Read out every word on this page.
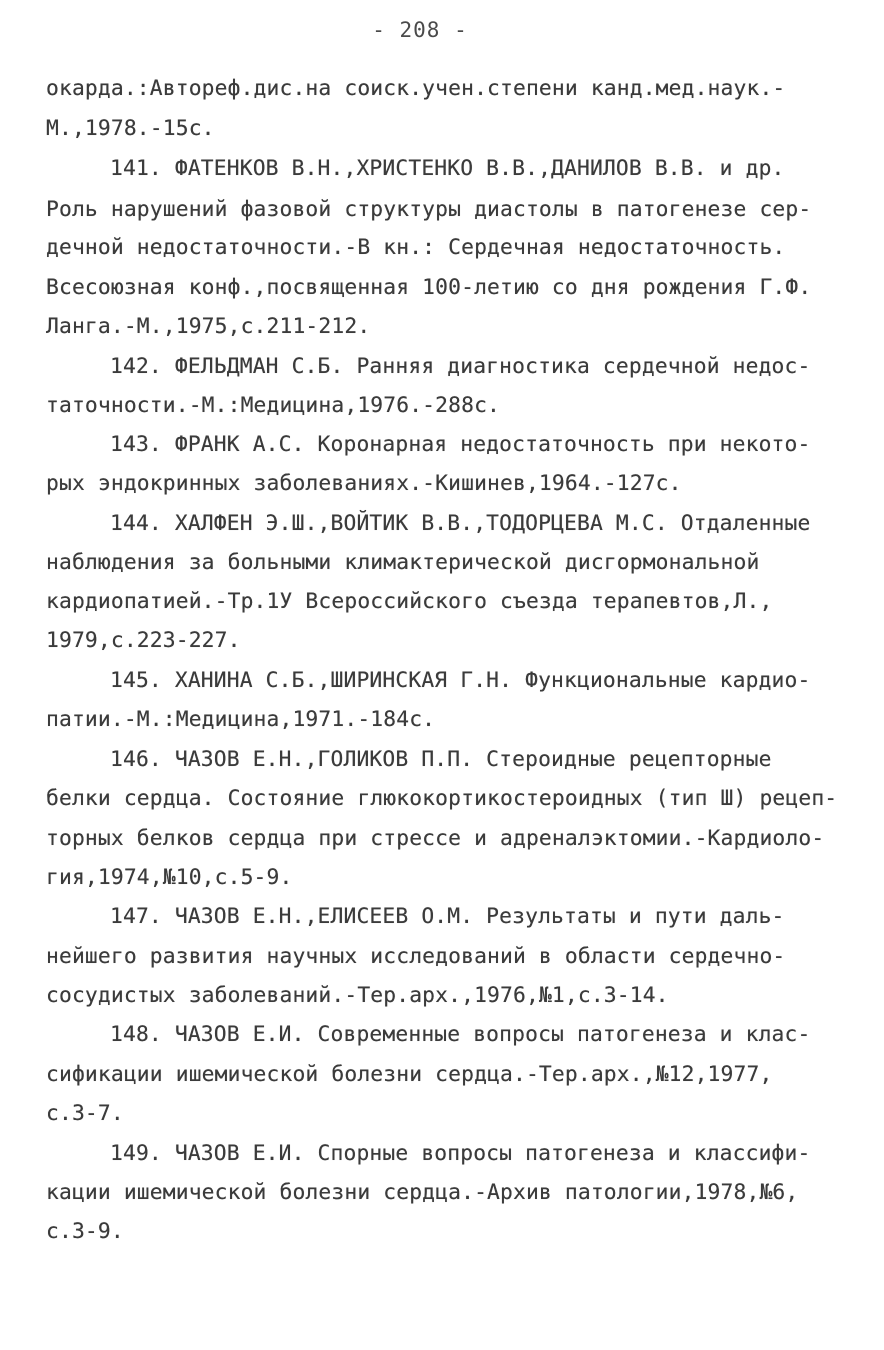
- 208 -
окарда.:Автореф.дис.на соиск.учен.степени канд.мед.наук.-
М.,1978.-15с.
141. ФАТЕНКОВ В.Н.,ХРИСТЕНКО В.В.,ДАНИЛОВ В.В. и др.
Роль нарушений фазовой структуры диастолы в патогенезе сер-
дечной недостаточности.-В кн.: Сердечная недостаточность.
Всесоюзная конф.,посвященная 100-летию со дня рождения Г.Ф.
Ланга.-М.,1975,с.211-212.
142. ФЕЛЬДМАН С.Б. Ранняя диагностика сердечной недос-
таточности.-М.:Медицина,1976.-288с.
143. ФРАНК А.С. Коронарная недостаточность при некото-
рых эндокринных заболеваниях.-Кишинев,1964.-127с.
144. ХАЛФЕН Э.Ш.,ВОЙТИК В.В.,ТОДОРЦЕВА М.С. Отдаленные
наблюдения за больными климактерической дисгормональной
кардиопатией.-Тр.1У Всероссийского съезда терапевтов,Л.,
1979,с.223-227.
145. ХАНИНА С.Б.,ШИРИНСКАЯ Г.Н. Функциональные кардио-
патии.-М.:Медицина,1971.-184с.
146. ЧАЗОВ Е.Н.,ГОЛИКОВ П.П. Стероидные рецепторные
белки сердца. Состояние глюкокортикостероидных (тип Ш) рецеп-
торных белков сердца при стрессе и адреналэктомии.-Кардиоло-
гия,1974,№10,с.5-9.
147. ЧАЗОВ Е.Н.,ЕЛИСЕЕВ О.М. Результаты и пути даль-
нейшего развития научных исследований в области сердечно-
сосудистых заболеваний.-Тер.арх.,1976,№1,с.3-14.
148. ЧАЗОВ Е.И. Современные вопросы патогенеза и клас-
сификации ишемической болезни сердца.-Тер.арх.,№12,1977,
с.3-7.
149. ЧАЗОВ Е.И. Спорные вопросы патогенеза и классифи-
кации ишемической болезни сердца.-Архив патологии,1978,№6,
с.3-9.
